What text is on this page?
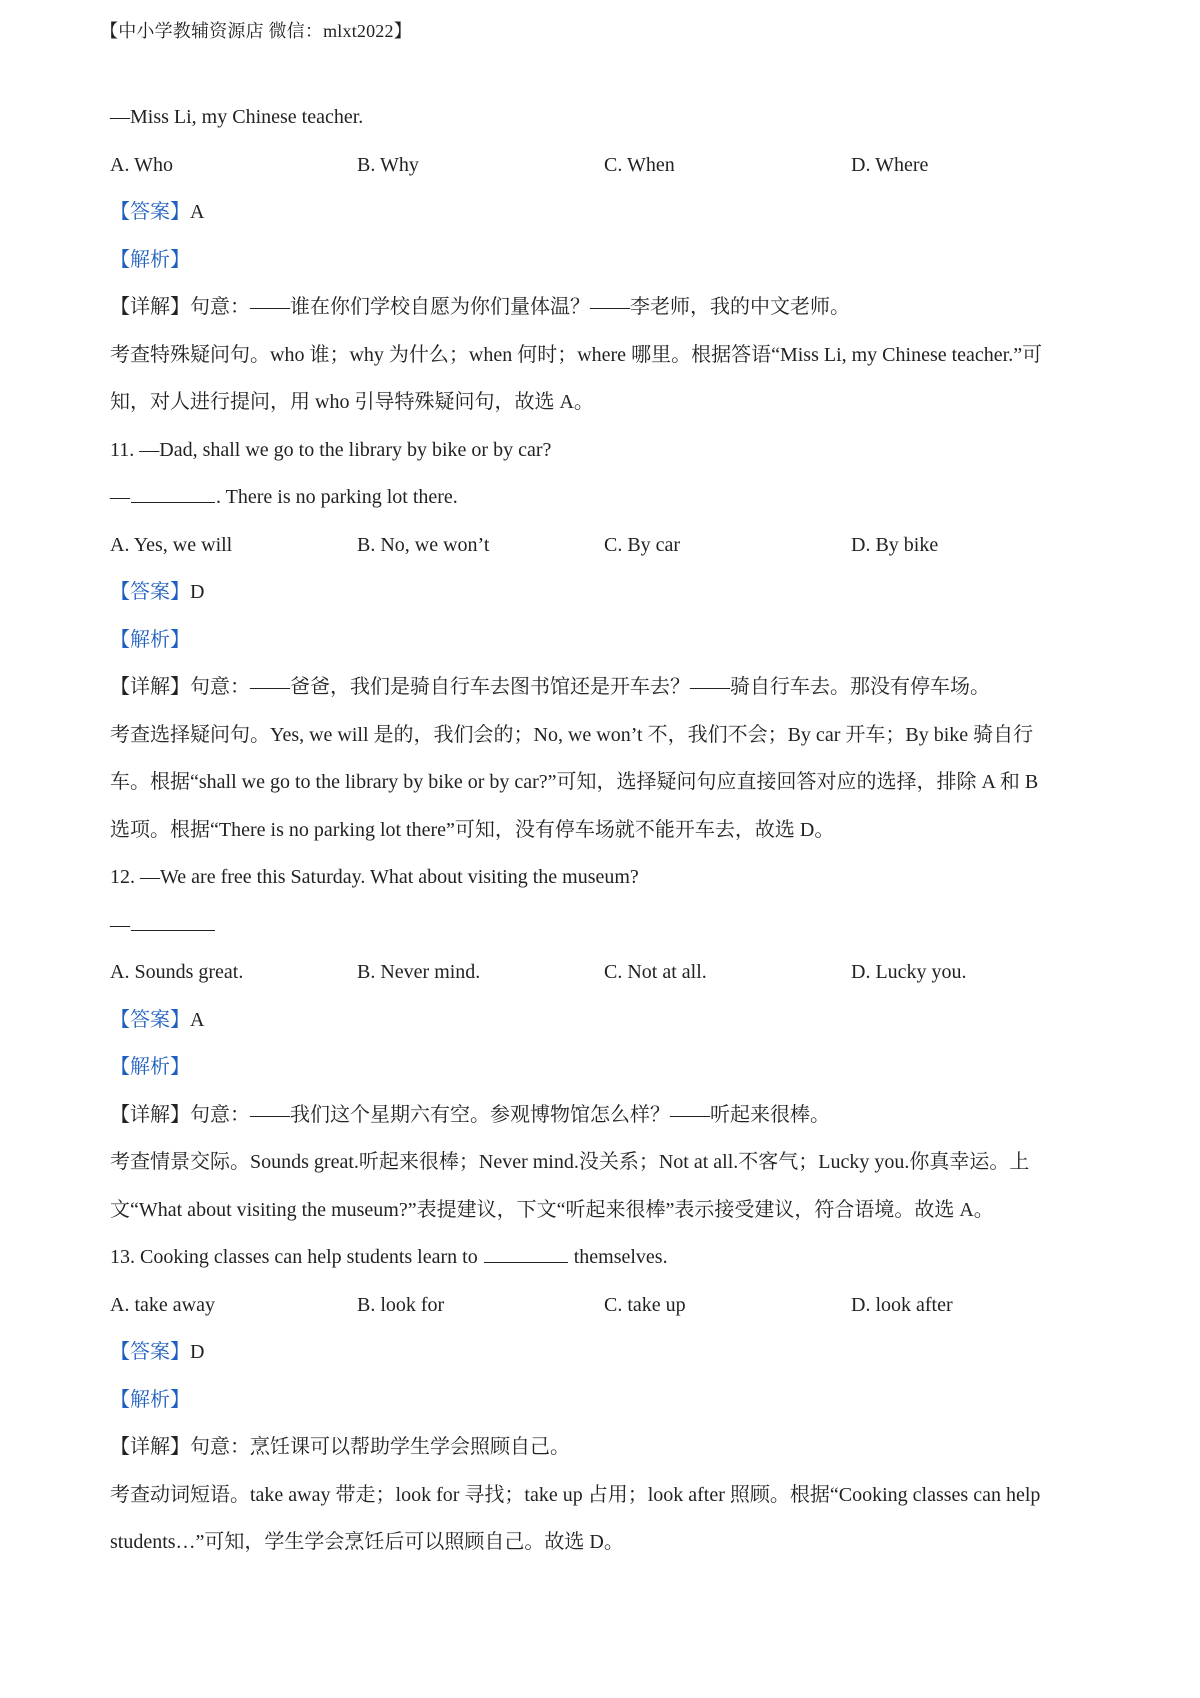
【中小学教辅资源店 微信：mlxt2022】
—Miss Li, my Chinese teacher.
A. Who	B. Why	C. When	D. Where
【答案】A
【解析】
【详解】句意：——谁在你们学校自愿为你们量体温？——李老师，我的中文老师。
考查特殊疑问句。who 谁；why 为什么；when 何时；where 哪里。根据答语“Miss Li, my Chinese teacher.”可
知，对人进行提问，用 who 引导特殊疑问句，故选 A。
11. —Dad, shall we go to the library by bike or by car?
—	. There is no parking lot there.
A. Yes, we will	B. No, we won’t	C. By car	D. By bike
【答案】D
【解析】
【详解】句意：——爸爸，我们是骑自行车去图书馆还是开车去？——骑自行车去。那没有停车场。
考查选择疑问句。Yes, we will 是的，我们会的；No, we won’t 不，我们不会；By car 开车；By bike 骑自行
车。根据“shall we go to the library by bike or by car?”可知，选择疑问句应直接回答对应的选择，排除 A 和 B
选项。根据“There is no parking lot there”可知，没有停车场就不能开车去，故选 D。
12. —We are free this Saturday. What about visiting the museum?
—
A. Sounds great.	B. Never mind.	C. Not at all.	D. Lucky you.
【答案】A
【解析】
【详解】句意：——我们这个星期六有空。参观博物馆怎么样？——听起来很棒。
考查情景交际。Sounds great.听起来很棒；Never mind.没关系；Not at all.不客气；Lucky you.你真幸运。上
文“What about visiting the museum?”表提建议，下文“听起来很棒”表示接受建议，符合语境。故选 A。
13. Cooking classes can help students learn to	themselves.
A. take away	B. look for	C. take up	D. look after
【答案】D
【解析】
【详解】句意：烹饪课可以帮助学生学会照顾自己。
考查动词短语。take away 带走；look for 寻找；take up 占用；look after 照顾。根据“Cooking classes can help
students…”可知，学生学会烹饪后可以照顾自己。故选 D。
